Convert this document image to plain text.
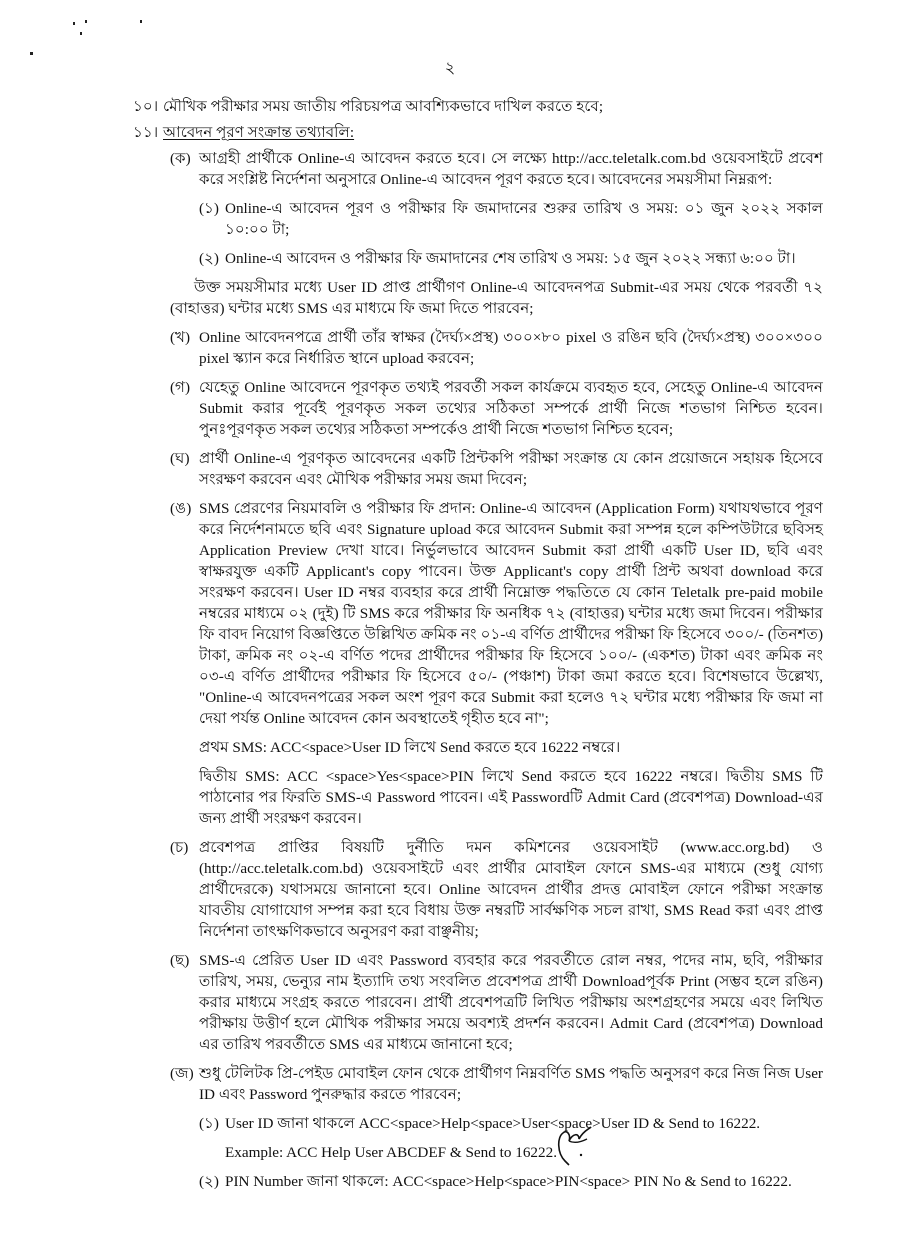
২
১০। মৌখিক পরীক্ষার সময় জাতীয় পরিচয়পত্র আবশ্যিকভাবে দাখিল করতে হবে;
১১। আবেদন পূরণ সংক্রান্ত তথ্যাবলি:
(ক) আগ্রহী প্রার্থীকে Online-এ আবেদন করতে হবে। সে লক্ষ্যে http://acc.teletalk.com.bd ওয়েবসাইটে প্রবেশ করে সংশ্লিষ্ট নির্দেশনা অনুসারে Online-এ আবেদন পূরণ করতে হবে। আবেদনের সময়সীমা নিম্নরূপ:
(১) Online-এ আবেদন পূরণ ও পরীক্ষার ফি জমাদানের শুরুর তারিখ ও সময়: ০১ জুন ২০২২ সকাল ১০:০০ টা;
(২) Online-এ আবেদন ও পরীক্ষার ফি জমাদানের শেষ তারিখ ও সময়: ১৫ জুন ২০২২ সন্ধ্যা ৬:০০ টা।
উক্ত সময়সীমার মধ্যে User ID প্রাপ্ত প্রার্থীগণ Online-এ আবেদনপত্র Submit-এর সময় থেকে পরবর্তী ৭২ (বাহাত্তর) ঘন্টার মধ্যে SMS এর মাধ্যমে ফি জমা দিতে পারবেন;
(খ) Online আবেদনপত্রে প্রার্থী তাঁর স্বাক্ষর (দৈর্ঘ্য×প্রস্থ) ৩০০×৮০ pixel ও রঙিন ছবি (দৈর্ঘ্য×প্রস্থ) ৩০০×৩০০ pixel স্ক্যান করে নির্ধারিত স্থানে upload করবেন;
(গ) যেহেতু Online আবেদনে পূরণকৃত তথ্যই পরবর্তী সকল কার্যক্রমে ব্যবহৃত হবে, সেহেতু Online-এ আবেদন Submit করার পূর্বেই পূরণকৃত সকল তথ্যের সঠিকতা সম্পর্কে প্রার্থী নিজে শতভাগ নিশ্চিত হবেন। পুনঃপূরণকৃত সকল তথ্যের সঠিকতা সম্পর্কেও প্রার্থী নিজে শতভাগ নিশ্চিত হবেন;
(ঘ) প্রার্থী Online-এ পূরণকৃত আবেদনের একটি প্রিন্টকপি পরীক্ষা সংক্রান্ত যে কোন প্রয়োজনে সহায়ক হিসেবে সংরক্ষণ করবেন এবং মৌখিক পরীক্ষার সময় জমা দিবেন;
(ঙ) SMS প্রেরণের নিয়মাবলি ও পরীক্ষার ফি প্রদান: Online-এ আবেদন (Application Form) যথাযথভাবে পূরণ করে নির্দেশনামতে ছবি এবং Signature upload করে আবেদন Submit করা সম্পন্ন হলে কম্পিউটারে ছবিসহ Application Preview দেখা যাবে। নির্ভুলভাবে আবেদন Submit করা প্রার্থী একটি User ID, ছবি এবং স্বাক্ষরযুক্ত একটি Applicant's copy পাবেন। উক্ত Applicant's copy প্রার্থী প্রিন্ট অথবা download করে সংরক্ষণ করবেন। User ID নম্বর ব্যবহার করে প্রার্থী নিম্নোক্ত পদ্ধতিতে যে কোন Teletalk pre-paid mobile নম্বরের মাধ্যমে ০২ (দুই) টি SMS করে পরীক্ষার ফি অনধিক ৭২ (বাহাত্তর) ঘন্টার মধ্যে জমা দিবেন। পরীক্ষার ফি বাবদ নিয়োগ বিজ্ঞপ্তিতে উল্লিখিত ক্রমিক নং ০১-এ বর্ণিত প্রার্থীদের পরীক্ষা ফি হিসেবে ৩০০/- (তিনশত) টাকা, ক্রমিক নং ০২-এ বর্ণিত পদের প্রার্থীদের পরীক্ষার ফি হিসেবে ১০০/- (একশত) টাকা এবং ক্রমিক নং ০৩-এ বর্ণিত প্রার্থীদের পরীক্ষার ফি হিসেবে ৫০/- (পঞ্চাশ) টাকা জমা করতে হবে। বিশেষভাবে উল্লেখ্য, "Online-এ আবেদনপত্রের সকল অংশ পূরণ করে Submit করা হলেও ৭২ ঘন্টার মধ্যে পরীক্ষার ফি জমা না দেয়া পর্যন্ত Online আবেদন কোন অবস্থাতেই গৃহীত হবে না";
প্রথম SMS: ACC<space>User ID লিখে Send করতে হবে 16222 নম্বরে।
দ্বিতীয় SMS: ACC <space>Yes<space>PIN লিখে Send করতে হবে 16222 নম্বরে। দ্বিতীয় SMS টি পাঠানোর পর ফিরতি SMS-এ Password পাবেন। এই Passwordটি Admit Card (প্রবেশপত্র) Download-এর জন্য প্রার্থী সংরক্ষণ করবেন।
(চ) প্রবেশপত্র প্রাপ্তির বিষয়টি দুর্নীতি দমন কমিশনের ওয়েবসাইট (www.acc.org.bd) ও (http://acc.teletalk.com.bd) ওয়েবসাইটে এবং প্রার্থীর মোবাইল ফোনে SMS-এর মাধ্যমে (শুধু যোগ্য প্রার্থীদেরকে) যথাসময়ে জানানো হবে। Online আবেদন প্রার্থীর প্রদত্ত মোবাইল ফোনে পরীক্ষা সংক্রান্ত যাবতীয় যোগাযোগ সম্পন্ন করা হবে বিধায় উক্ত নম্বরটি সার্বক্ষণিক সচল রাখা, SMS Read করা এবং প্রাপ্ত নির্দেশনা তাৎক্ষণিকভাবে অনুসরণ করা বাঞ্ছনীয়;
(ছ) SMS-এ প্রেরিত User ID এবং Password ব্যবহার করে পরবর্তীতে রোল নম্বর, পদের নাম, ছবি, পরীক্ষার তারিখ, সময়, ভেন্যুর নাম ইত্যাদি তথ্য সংবলিত প্রবেশপত্র প্রার্থী Downloadপূর্বক Print (সম্ভব হলে রঙিন) করার মাধ্যমে সংগ্রহ করতে পারবেন। প্রার্থী প্রবেশপত্রটি লিখিত পরীক্ষায় অংশগ্রহণের সময়ে এবং লিখিত পরীক্ষায় উত্তীর্ণ হলে মৌখিক পরীক্ষার সময়ে অবশ্যই প্রদর্শন করবেন। Admit Card (প্রবেশপত্র) Download এর তারিখ পরবর্তীতে SMS এর মাধ্যমে জানানো হবে;
(জ) শুধু টেলিটক প্রি-পেইড মোবাইল ফোন থেকে প্রার্থীগণ নিম্নবর্ণিত SMS পদ্ধতি অনুসরণ করে নিজ নিজ User ID এবং Password পুনরুদ্ধার করতে পারবেন;
(১) User ID জানা থাকলে ACC<space>Help<space>User<space>User ID & Send to 16222.
Example: ACC Help User ABCDEF & Send to 16222.
(২) PIN Number জানা থাকলে: ACC<space>Help<space>PIN<space> PIN No & Send to 16222.
